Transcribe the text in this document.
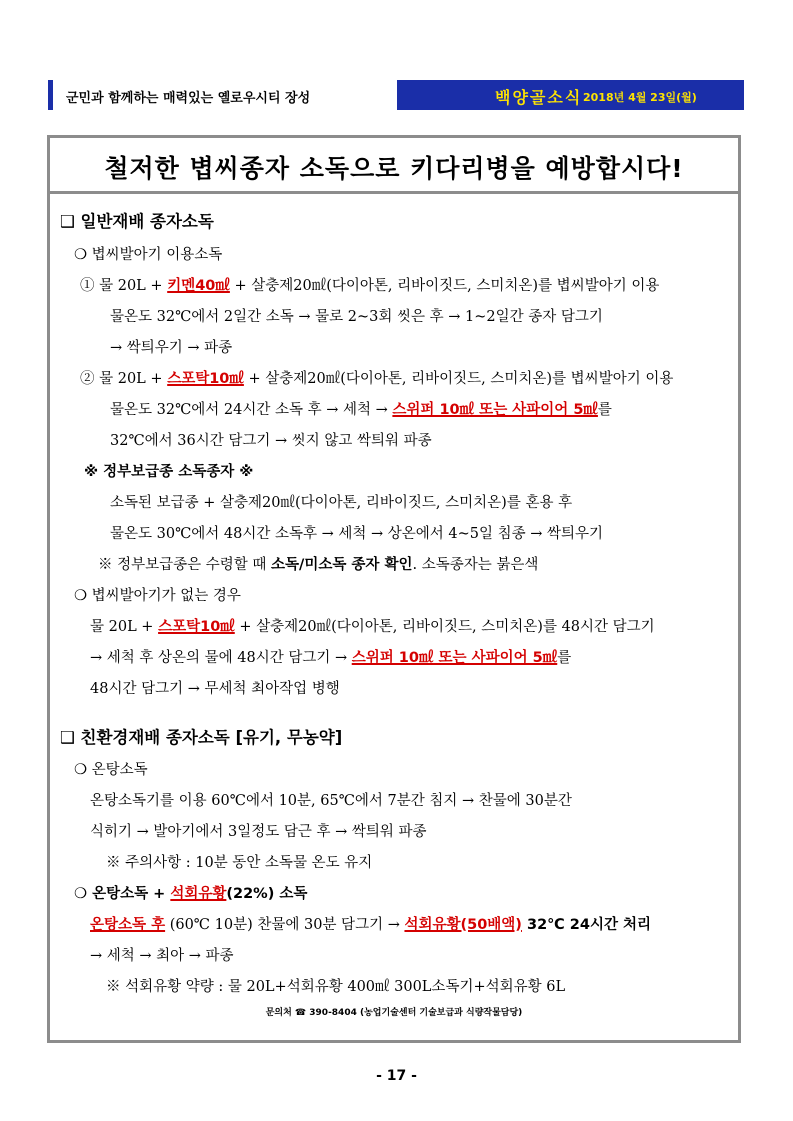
군민과 함께하는 매력있는 옐로우시티 장성	백양골소식 2018년 4월 23일(월)
철저한 볍씨종자 소독으로 키다리병을 예방합시다!
❑ 일반재배 종자소독
❍ 볍씨발아기 이용소독
① 물 20L + 키멘40㎖ + 살충제20㎖(다이아톤, 리바이짓드, 스미치온)를 볍씨발아기 이용
물온도 32℃에서 2일간 소독 → 물로 2~3회 씻은 후 → 1~2일간 종자 담그기
→ 싹틔우기 → 파종
② 물 20L + 스포탁10㎖ + 살충제20㎖(다이아톤, 리바이짓드, 스미치온)를 볍씨발아기 이용
물온도 32℃에서 24시간 소독 후 → 세척 → 스위퍼 10㎖ 또는 사파이어 5㎖를
32℃에서 36시간 담그기 → 씻지 않고 싹틔워 파종
※ 정부보급종 소독종자 ※
소독된 보급종 + 살충제20㎖(다이아톤, 리바이짓드, 스미치온)를 혼용 후
물온도 30℃에서 48시간 소독후 → 세척 → 상온에서 4~5일 침종 → 싹틔우기
※ 정부보급종은 수령할 때 소독/미소독 종자 확인. 소독종자는 붉은색
❍ 볍씨발아기가 없는 경우
물 20L + 스포탁10㎖ + 살충제20㎖(다이아톤, 리바이짓드, 스미치온)를 48시간 담그기
→ 세척 후 상온의 물에 48시간 담그기 → 스위퍼 10㎖ 또는 사파이어 5㎖를
48시간 담그기 → 무세척 최아작업 병행
❑ 친환경재배 종자소독 [유기, 무농약]
❍ 온탕소독
온탕소독기를 이용 60℃에서 10분, 65℃에서 7분간 침지 → 찬물에 30분간
식히기 → 발아기에서 3일정도 담근 후 → 싹틔워 파종
※ 주의사항 : 10분 동안 소독물 온도 유지
❍ 온탕소독 + 석회유황(22%) 소독
온탕소독 후 (60℃ 10분) 찬물에 30분 담그기 → 석회유황(50배액) 32℃ 24시간 처리
→ 세척 → 최아 → 파종
※ 석회유황 약량 : 물 20L+석회유황 400㎖ 300L소독기+석회유황 6L
문의처 ☎ 390-8404 (농업기술센터 기술보급과 식량작물담당)
- 17 -
